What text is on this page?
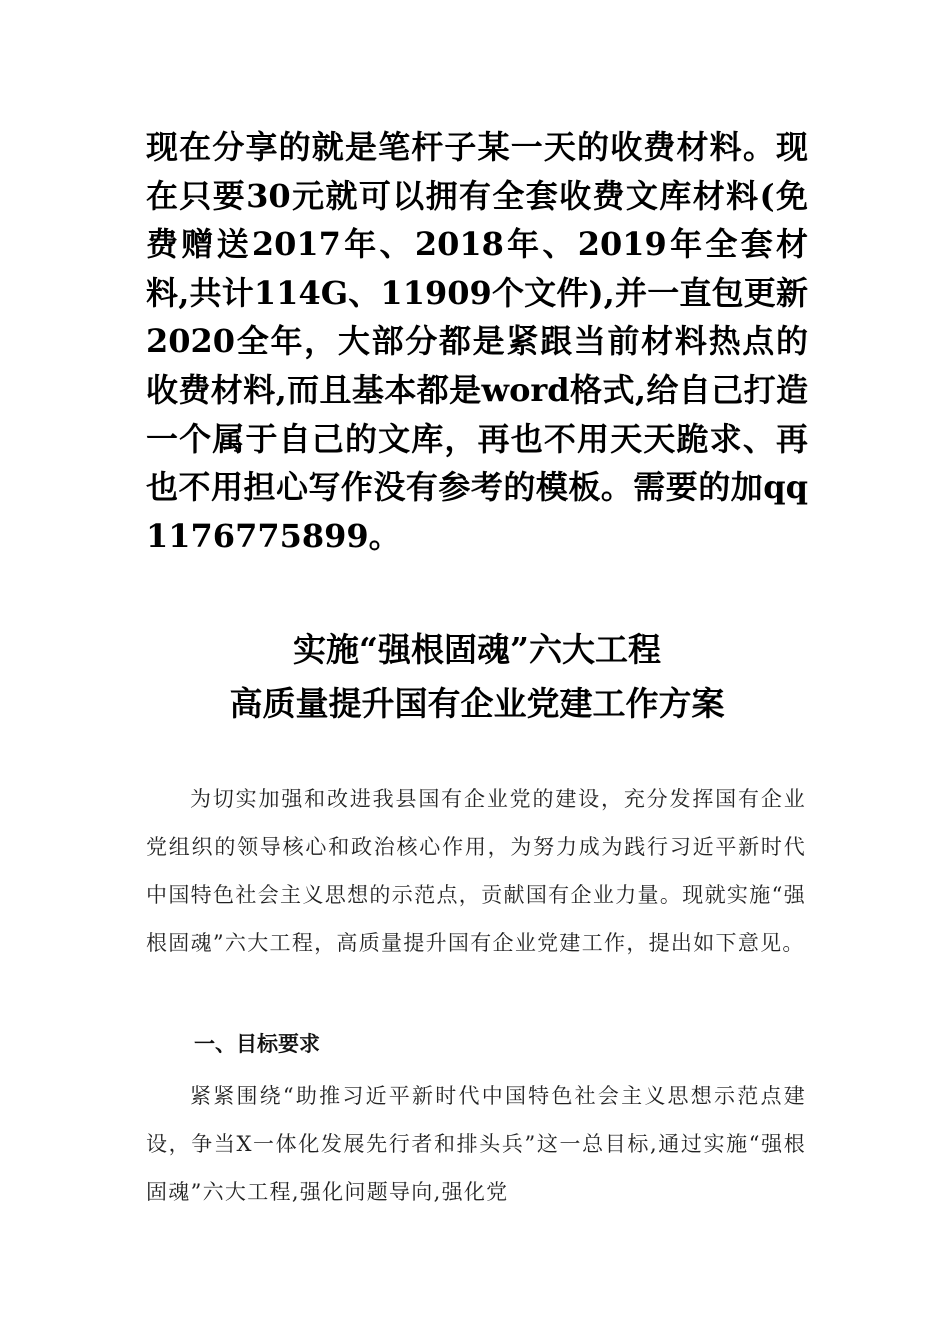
现在分享的就是笔杆子某一天的收费材料。现在只要30元就可以拥有全套收费文库材料(免费赠送2017年、2018年、2019年全套材料,共计114G、11909个文件),并一直包更新2020全年，大部分都是紧跟当前材料热点的收费材料,而且基本都是word格式,给自己打造一个属于自己的文库，再也不用天天跪求、再也不用担心写作没有参考的模板。需要的加qq1176775899。

实施“强根固魂”六大工程
高质量提升国有企业党建工作方案

为切实加强和改进我县国有企业党的建设，充分发挥国有企业党组织的领导核心和政治核心作用，为努力成为践行习近平新时代中国特色社会主义思想的示范点，贡献国有企业力量。现就实施“强根固魂”六大工程，高质量提升国有企业党建工作，提出如下意见。

一、目标要求

紧紧围绕“助推习近平新时代中国特色社会主义思想示范点建设，争当X一体化发展先行者和排头兵”这一总目标,通过实施“强根固魂”六大工程,强化问题导向,强化党
